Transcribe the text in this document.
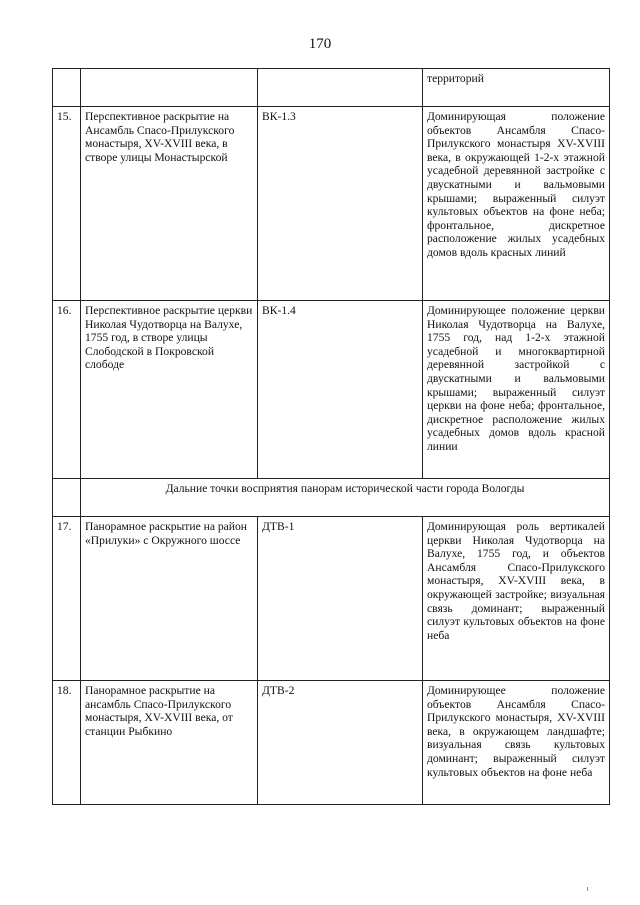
170
			территорий
15.	Перспективное раскрытие на Ансамбль Спасо-Прилукского монастыря, XV-XVIII века, в створе улицы Монастырской	ВК-1.3	Доминирующая положение объектов Ансамбля Спасо-Прилукского монастыря XV-XVIII века, в окружающей 1-2-х этажной усадебной деревянной застройке с двускатными и вальмовыми крышами; выраженный силуэт культовых объектов на фоне неба; фронтальное, дискретное расположение жилых усадебных домов вдоль красных линий
16.	Перспективное раскрытие церкви Николая Чудотворца на Валухе, 1755 год, в створе улицы Слободской в Покровской слободе	ВК-1.4	Доминирующее положение церкви Николая Чудотворца на Валухе, 1755 год, над 1-2-х этажной усадебной и многоквартирной деревянной застройкой с двускатными и вальмовыми крышами; выраженный силуэт церкви на фоне неба; фронтальное, дискретное расположение жилых усадебных домов вдоль красной линии
	Дальние точки восприятия панорам исторической части города Вологды		
17.	Панорамное раскрытие на район «Прилуки» с Окружного шоссе	ДТВ-1	Доминирующая роль вертикалей церкви Николая Чудотворца на Валухе, 1755 год, и объектов Ансамбля Спасо-Прилукского монастыря, XV-XVIII века, в окружающей застройке; визуальная связь доминант; выраженный силуэт культовых объектов на фоне неба
18.	Панорамное раскрытие на ансамбль Спасо-Прилукского монастыря, XV-XVIII века, от станции Рыбкино	ДТВ-2	Доминирующее положение объектов Ансамбля Спасо-Прилукского монастыря, XV-XVIII века, в окружающем ландшафте; визуальная связь культовых доминант; выраженный силуэт культовых объектов на фоне неба
